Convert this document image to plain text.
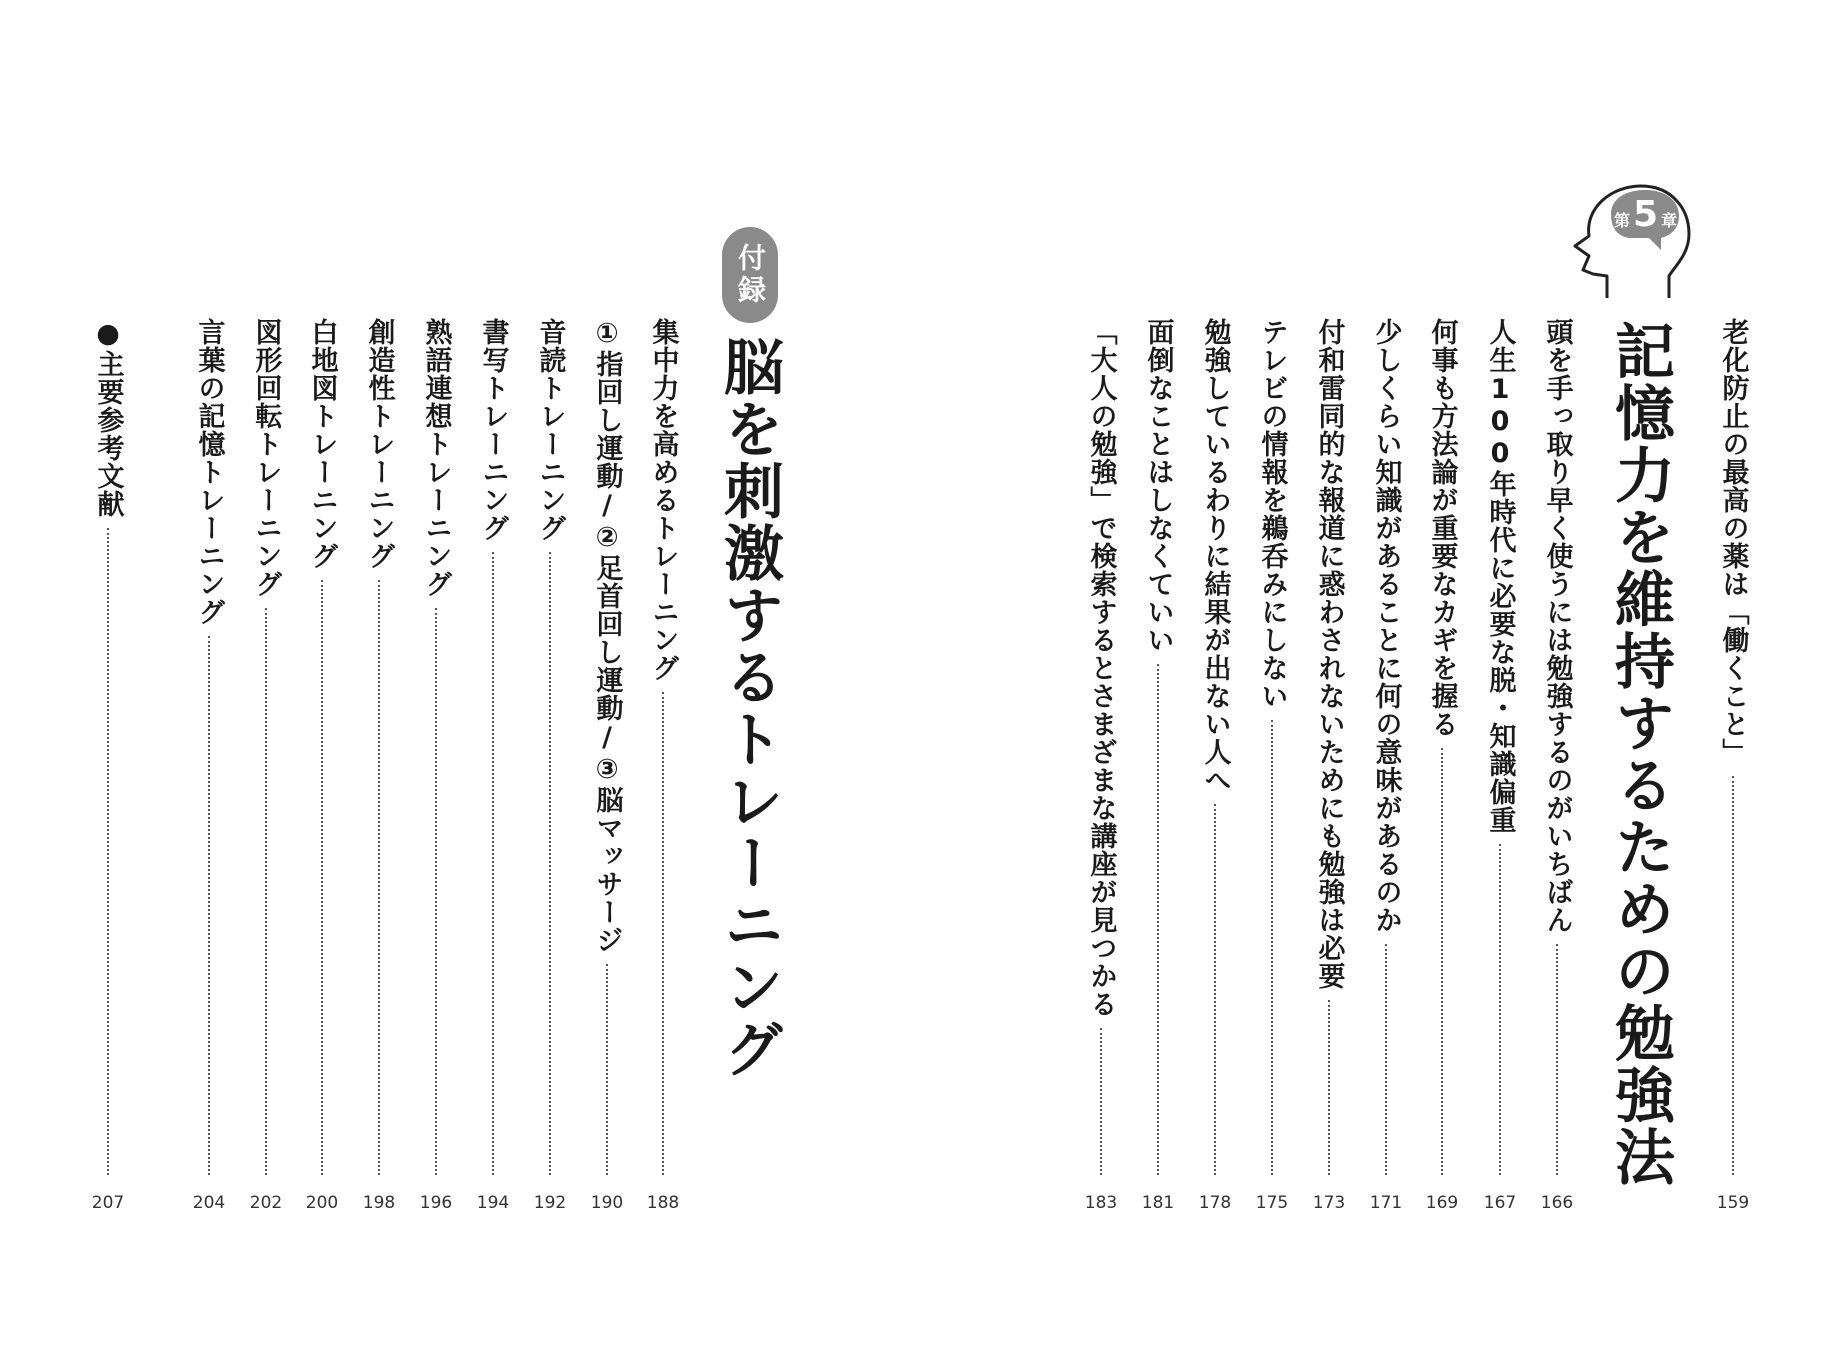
老化防止の最高の薬は「働くこと」
159
第 5 章
記憶力を維持するための勉強法
頭を手っ取り早く使うには勉強するのがいちばん
166
人生100年時代に必要な脱・知識偏重
167
何事も方法論が重要なカギを握る
169
少しくらい知識があることに何の意味があるのか
171
付和雷同的な報道に惑わされないためにも勉強は必要
173
テレビの情報を鵜呑みにしない
175
勉強しているわりに結果が出ない人へ
178
面倒なことはしなくていい
181
「大人の勉強」で検索するとさまざまな講座が見つかる
183
付録
脳を刺激するトレーニング
集中力を高めるトレーニング
188
①指回し運動/②足首回し運動/③脳マッサージ
190
音読トレーニング
192
書写トレーニング
194
熟語連想トレーニング
196
創造性トレーニング
198
白地図トレーニング
200
図形回転トレーニング
202
言葉の記憶トレーニング
204
●主要参考文献
207
